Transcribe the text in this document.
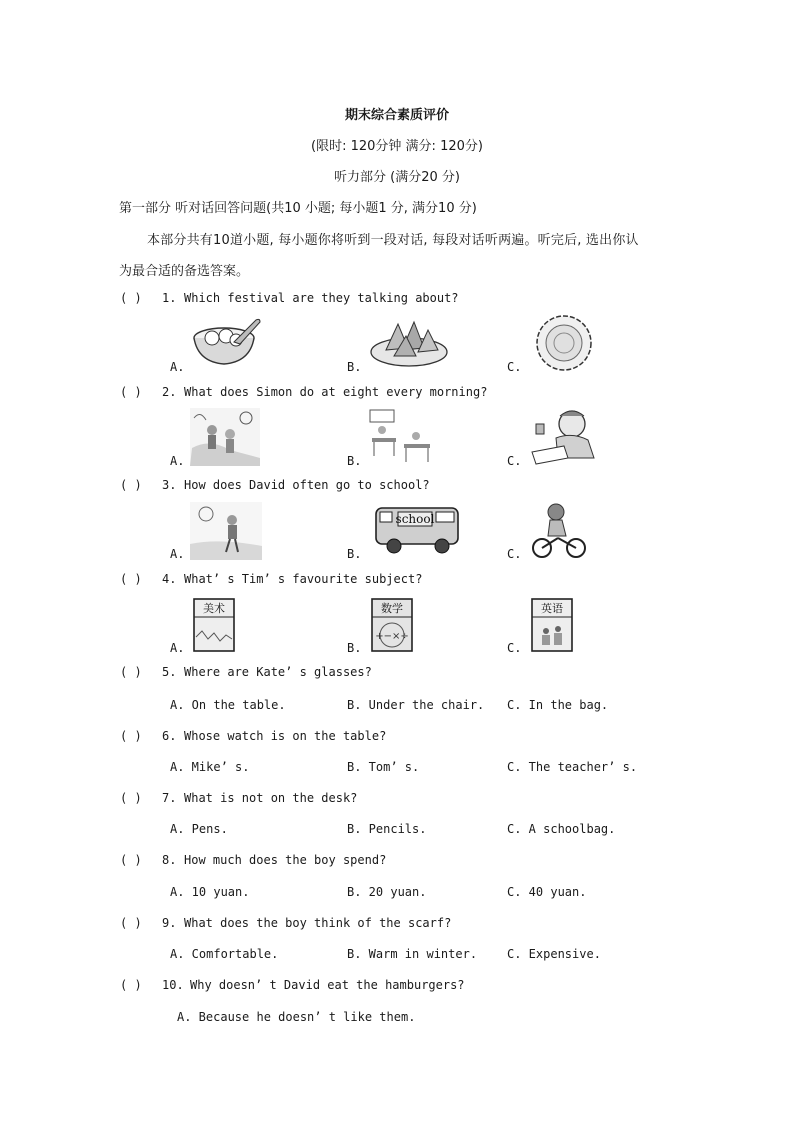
期末综合素质评价
(限时: 120分钟 满分: 120分)
听力部分 (满分20 分)
第一部分 听对话回答问题(共10 小题; 每小题1 分, 满分10 分)
本部分共有10道小题, 每小题你将听到一段对话, 每段对话听两遍。听完后, 选出你认
为最合适的备选答案。
( ) 1. Which festival are they talking about?
A.	B.	C.
( ) 2. What does Simon do at eight every morning?
A.	B.	C.
( ) 3. How does David often go to school?
A.	B.	C.
school
( ) 4. What’ s Tim’ s favourite subject?
A.	B.	C.
美术
+−×÷
数学	英语
( ) 5. Where are Kate’ s glasses?
A. On the table.	B. Under the chair. C. In the bag.
( ) 6. Whose watch is on the table?
A. Mike’ s.	B. Tom’ s.	C. The teacher’ s.
( ) 7. What is not on the desk?
A. Pens.	B. Pencils.	C. A schoolbag.
( ) 8. How much does the boy spend?
A. 10 yuan.	B. 20 yuan.	C. 40 yuan.
( ) 9. What does the boy think of the scarf?
A. Comfortable.	B. Warm in winter. C. Expensive.
( ) 10. Why doesn’ t David eat the hamburgers?
A. Because he doesn’ t like them.
